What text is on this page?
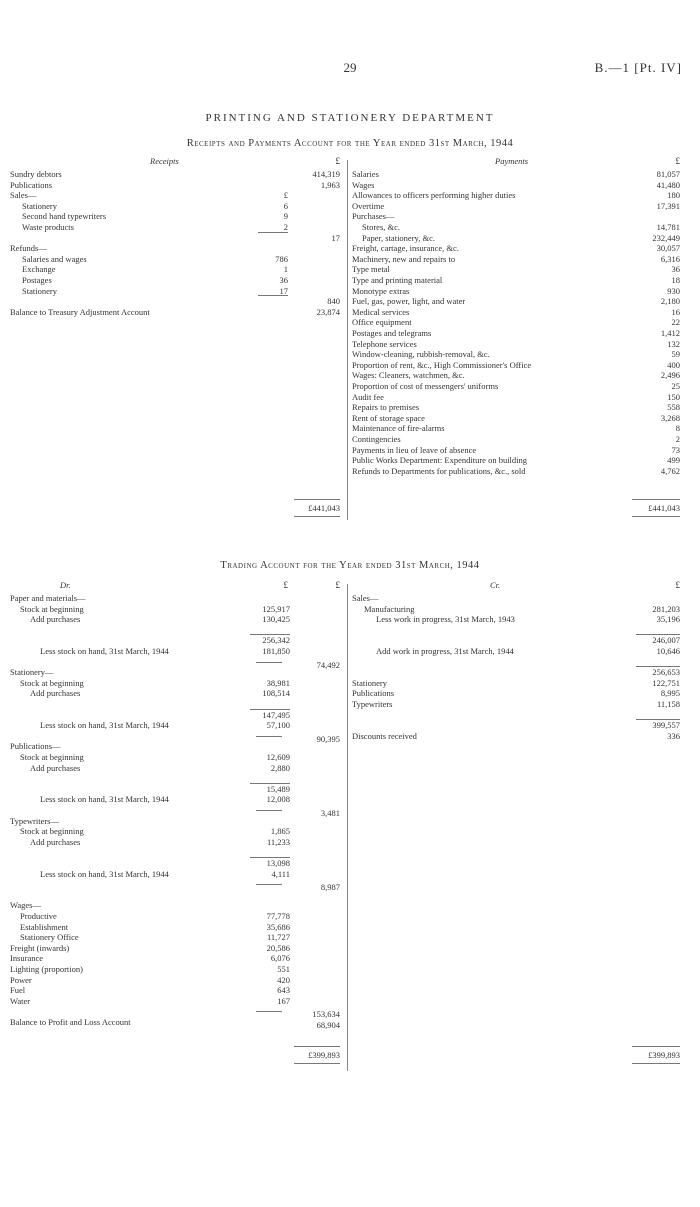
29	B.—1 [Pt. IV]
PRINTING AND STATIONERY DEPARTMENT
Receipts and Payments Account for the Year ended 31st March, 1944
Receipts	£	Payments	£
Sundry debtors	414,319
Publications	1,963
Sales—	£
Stationery	6
Second hand typewriters	9
Waste products	2
17
Refunds—
Salaries and wages	786
Exchange	1
Postages	36
Stationery	17
840
Balance to Treasury Adjustment Account	23,874
Salaries	81,057
Wages	41,480
Allowances to officers performing higher duties	180
Overtime	17,391
Purchases—
Stores, &c.	14,781
Paper, stationery, &c.	232,449
Freight, cartage, insurance, &c.	30,057
Machinery, new and repairs to	6,316
Type metal	36
Type and printing material	18
Monotype extras	930
Fuel, gas, power, light, and water	2,180
Medical services	16
Office equipment	22
Postages and telegrams	1,412
Telephone services	132
Window-cleaning, rubbish-removal, &c.	59
Proportion of rent, &c., High Commissioner's Office	400
Wages: Cleaners, watchmen, &c.	2,496
Proportion of cost of messengers' uniforms	25
Audit fee	150
Repairs to premises	558
Rent of storage space	3,268
Maintenance of fire-alarms	8
Contingencies	2
Payments in lieu of leave of absence	73
Public Works Department: Expenditure on building	499
Refunds to Departments for publications, &c., sold	4,762
£441,043	£441,043
Trading Account for the Year ended 31st March, 1944
Dr.	£	£	Cr.	£
Paper and materials—
Stock at beginning	125,917
Add purchases	130,425
256,342
Less stock on hand, 31st March, 1944	181,850
74,492
Stationery—
Stock at beginning	38,981
Add purchases	108,514
147,495
Less stock on hand, 31st March, 1944	57,100
90,395
Publications—
Stock at beginning	12,609
Add purchases	2,880
15,489
Less stock on hand, 31st March, 1944	12,008
3,481
Typewriters—
Stock at beginning	1,865
Add purchases	11,233
13,098
Less stock on hand, 31st March, 1944	4,111
8,987
Wages—
Productive	77,778
Establishment	35,686
Stationery Office	11,727
Freight (inwards)	20,586
Insurance	6,076
Lighting (proportion)	551
Power	420
Fuel	643
Water	167
153,634
Balance to Profit and Loss Account	68,904
Sales—
Manufacturing	281,203
Less work in progress, 31st March, 1943	35,196
246,007
Add work in progress, 31st March, 1944	10,646
256,653
Stationery	122,751
Publications	8,995
Typewriters	11,158
399,557
Discounts received	336
£399,893	£399,893
